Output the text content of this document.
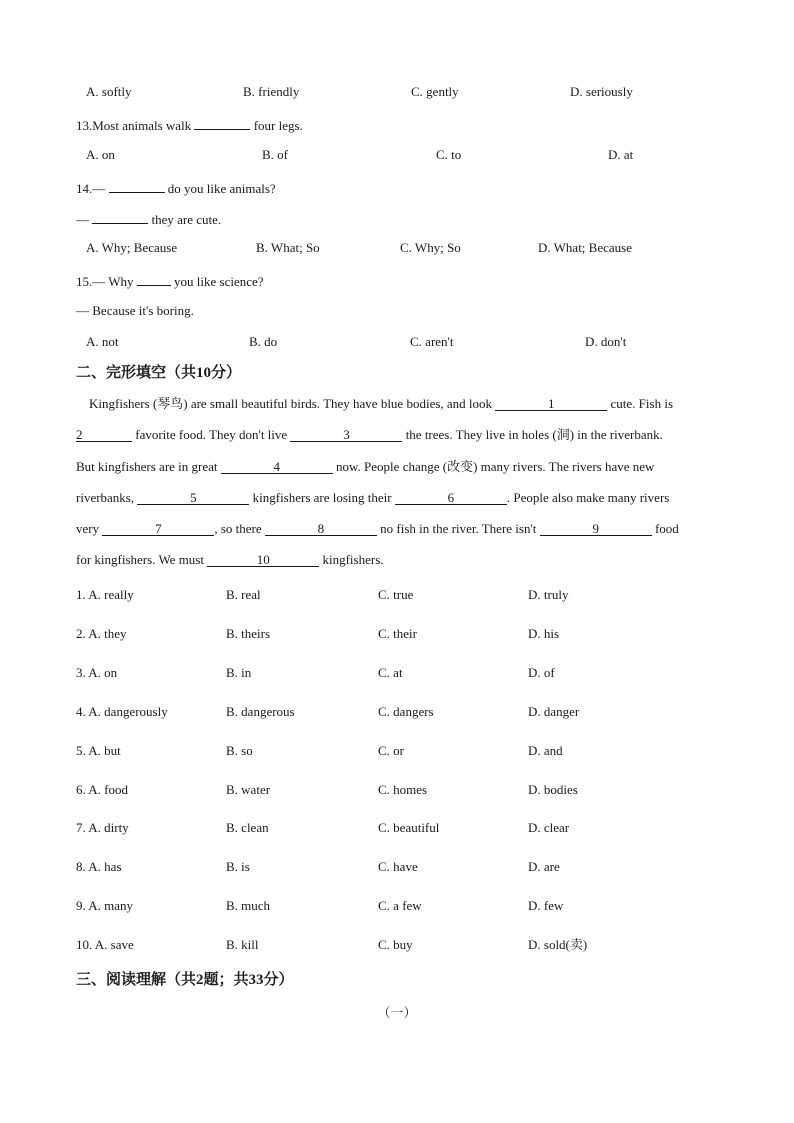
A. softly	B. friendly	C. gently	D. seriously
13.Most animals walk	four legs.
A. on	B. of	C. to	D. at
14.—	do you like animals?
—	they are cute.
A. Why; Because	B. What; So	C. Why; So	D. What; Because
15.— Why	you like science?
— Because it's boring.
A. not	B. do	C. aren't	D. don't
二、完形填空（共10分）
Kingfishers (琴鸟) are small beautiful birds. They have blue bodies, and look	1	cute. Fish is
2	favorite food. They don't live	3	the trees. They live in holes (洞) in the riverbank.
But kingfishers are in great	4	now. People change (改变) many rivers. The rivers have new
riverbanks,	5	kingfishers are losing their	6	. People also make many rivers
very	7	, so there	8	no fish in the river. There isn't	9	food
for kingfishers. We must	10	kingfishers.
1. A. really	B. real	C. true	D. truly
2. A. they	B. theirs	C. their	D. his
3. A. on	B. in	C. at	D. of
4. A. dangerously	B. dangerous	C. dangers	D. danger
5. A. but	B. so	C. or	D. and
6. A. food	B. water	C. homes	D. bodies
7. A. dirty	B. clean	C. beautiful	D. clear
8. A. has	B. is	C. have	D. are
9. A. many	B. much	C. a few	D. few
10. A. save	B. kill	C. buy	D. sold(卖)
三、阅读理解（共2题；共33分）
（一）
